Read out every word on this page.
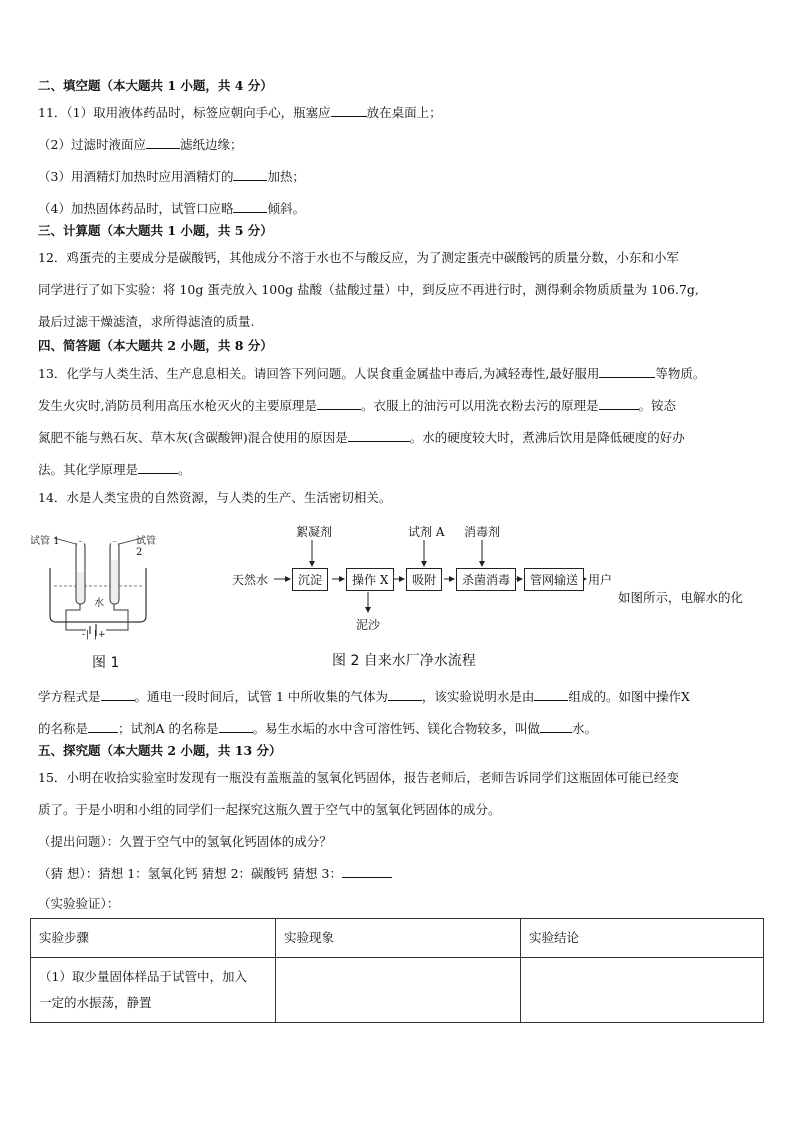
二、填空题（本大题共 1 小题，共 4 分）
11．（1）取用液体药品时，标签应朝向手心，瓶塞应	放在桌面上；
（2）过滤时液面应	滤纸边缘；
（3）用酒精灯加热时应用酒精灯的	加热；
（4）加热固体药品时，试管口应略	倾斜。
三、计算题（本大题共 1 小题，共 5 分）
12．鸡蛋壳的主要成分是碳酸钙，其他成分不溶于水也不与酸反应，为了测定蛋壳中碳酸钙的质量分数，小东和小军
同学进行了如下实验：将 10g 蛋壳放入 100g 盐酸（盐酸过量）中，到反应不再进行时，测得剩余物质质量为 106.7g,
最后过滤干燥滤渣，求所得滤渣的质量.
四、简答题（本大题共 2 小题，共 8 分）
13．化学与人类生活、生产息息相关。请回答下列问题。人误食重金属盐中毒后,为减轻毒性,最好服用	等物质。
发生火灾时,消防员利用高压水枪灭火的主要原理是	。衣服上的油污可以用洗衣粉去污的原理是	。铵态
氮肥不能与熟石灰、草木灰(含碳酸钾)混合使用的原因是	。水的硬度较大时，煮沸后饮用是降低硬度的好办
法。其化学原理是	。
14．水是人类宝贵的自然资源，与人类的生产、生活密切相关。
试管 1	试管 2
水
-| |+
图 1
天然水
絮凝剂	试剂 A 消毒剂
沉淀	操作 X	吸附	杀菌消毒	管网输送 用户
泥沙
如图所示，电解水的化
图 2 自来水厂净水流程
学方程式是	。通电一段时间后，试管 1 中所收集的气体为	，该实验说明水是由	组成的。如图中操作X
的名称是 ；试剂A 的名称是	。易生水垢的水中含可溶性钙、镁化合物较多，叫做	水。
五、探究题（本大题共 2 小题，共 13 分）
15．小明在收拾实验室时发现有一瓶没有盖瓶盖的氢氧化钙固体，报告老师后，老师告诉同学们这瓶固体可能已经变
质了。于是小明和小组的同学们一起探究这瓶久置于空气中的氢氧化钙固体的成分。
（提出问题）：久置于空气中的氢氧化钙固体的成分？
（猜 想）：猜想 1：氢氧化钙 猜想 2：碳酸钙 猜想 3：
（实验验证）：
实验步骤	实验现象	实验结论

（1）取少量固体样品于试管中，加入
一定的水振荡，静置		
